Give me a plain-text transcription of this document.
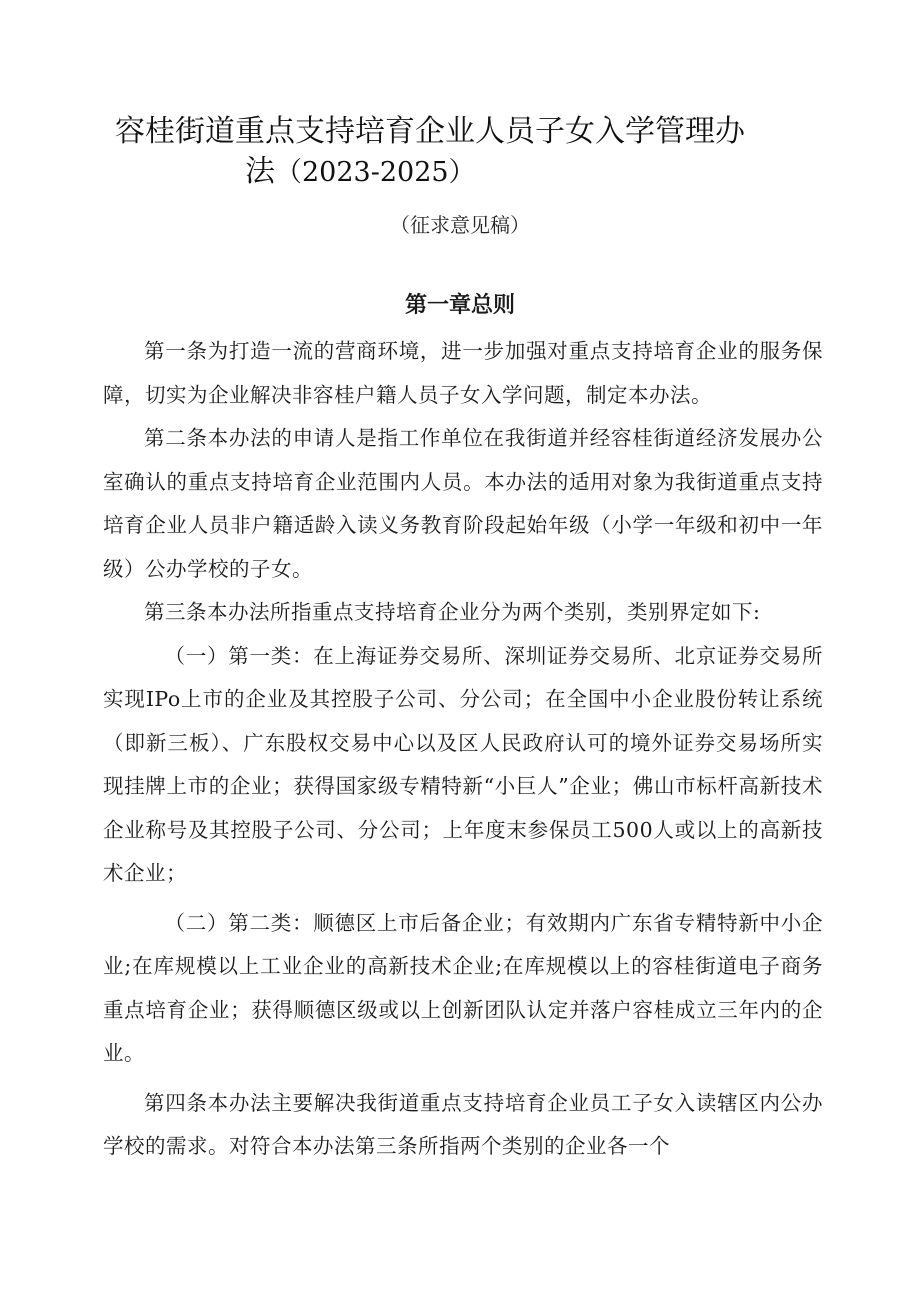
容桂街道重点支持培育企业人员子女入学管理办
法（2023-2025）
（征求意见稿）
第一章总则

第一条为打造一流的营商环境，进一步加强对重点支持培育企业的服务保障，切实为企业解决非容桂户籍人员子女入学问题，制定本办法。

第二条本办法的申请人是指工作单位在我街道并经容桂街道经济发展办公室确认的重点支持培育企业范围内人员。本办法的适用对象为我街道重点支持培育企业人员非户籍适龄入读义务教育阶段起始年级（小学一年级和初中一年级）公办学校的子女。

第三条本办法所指重点支持培育企业分为两个类别，类别界定如下:

（一）第一类：在上海证券交易所、深圳证券交易所、北京证券交易所实现IPo上市的企业及其控股子公司、分公司；在全国中小企业股份转让系统（即新三板）、广东股权交易中心以及区人民政府认可的境外证券交易场所实现挂牌上市的企业；获得国家级专精特新“小巨人”企业；佛山市标杆高新技术企业称号及其控股子公司、分公司；上年度末参保员工500人或以上的高新技术企业；

（二）第二类：顺德区上市后备企业；有效期内广东省专精特新中小企业;在库规模以上工业企业的高新技术企业;在库规模以上的容桂街道电子商务重点培育企业；获得顺德区级或以上创新团队认定并落户容桂成立三年内的企业。

第四条本办法主要解决我街道重点支持培育企业员工子女入读辖区内公办学校的需求。对符合本办法第三条所指两个类别的企业各一个
